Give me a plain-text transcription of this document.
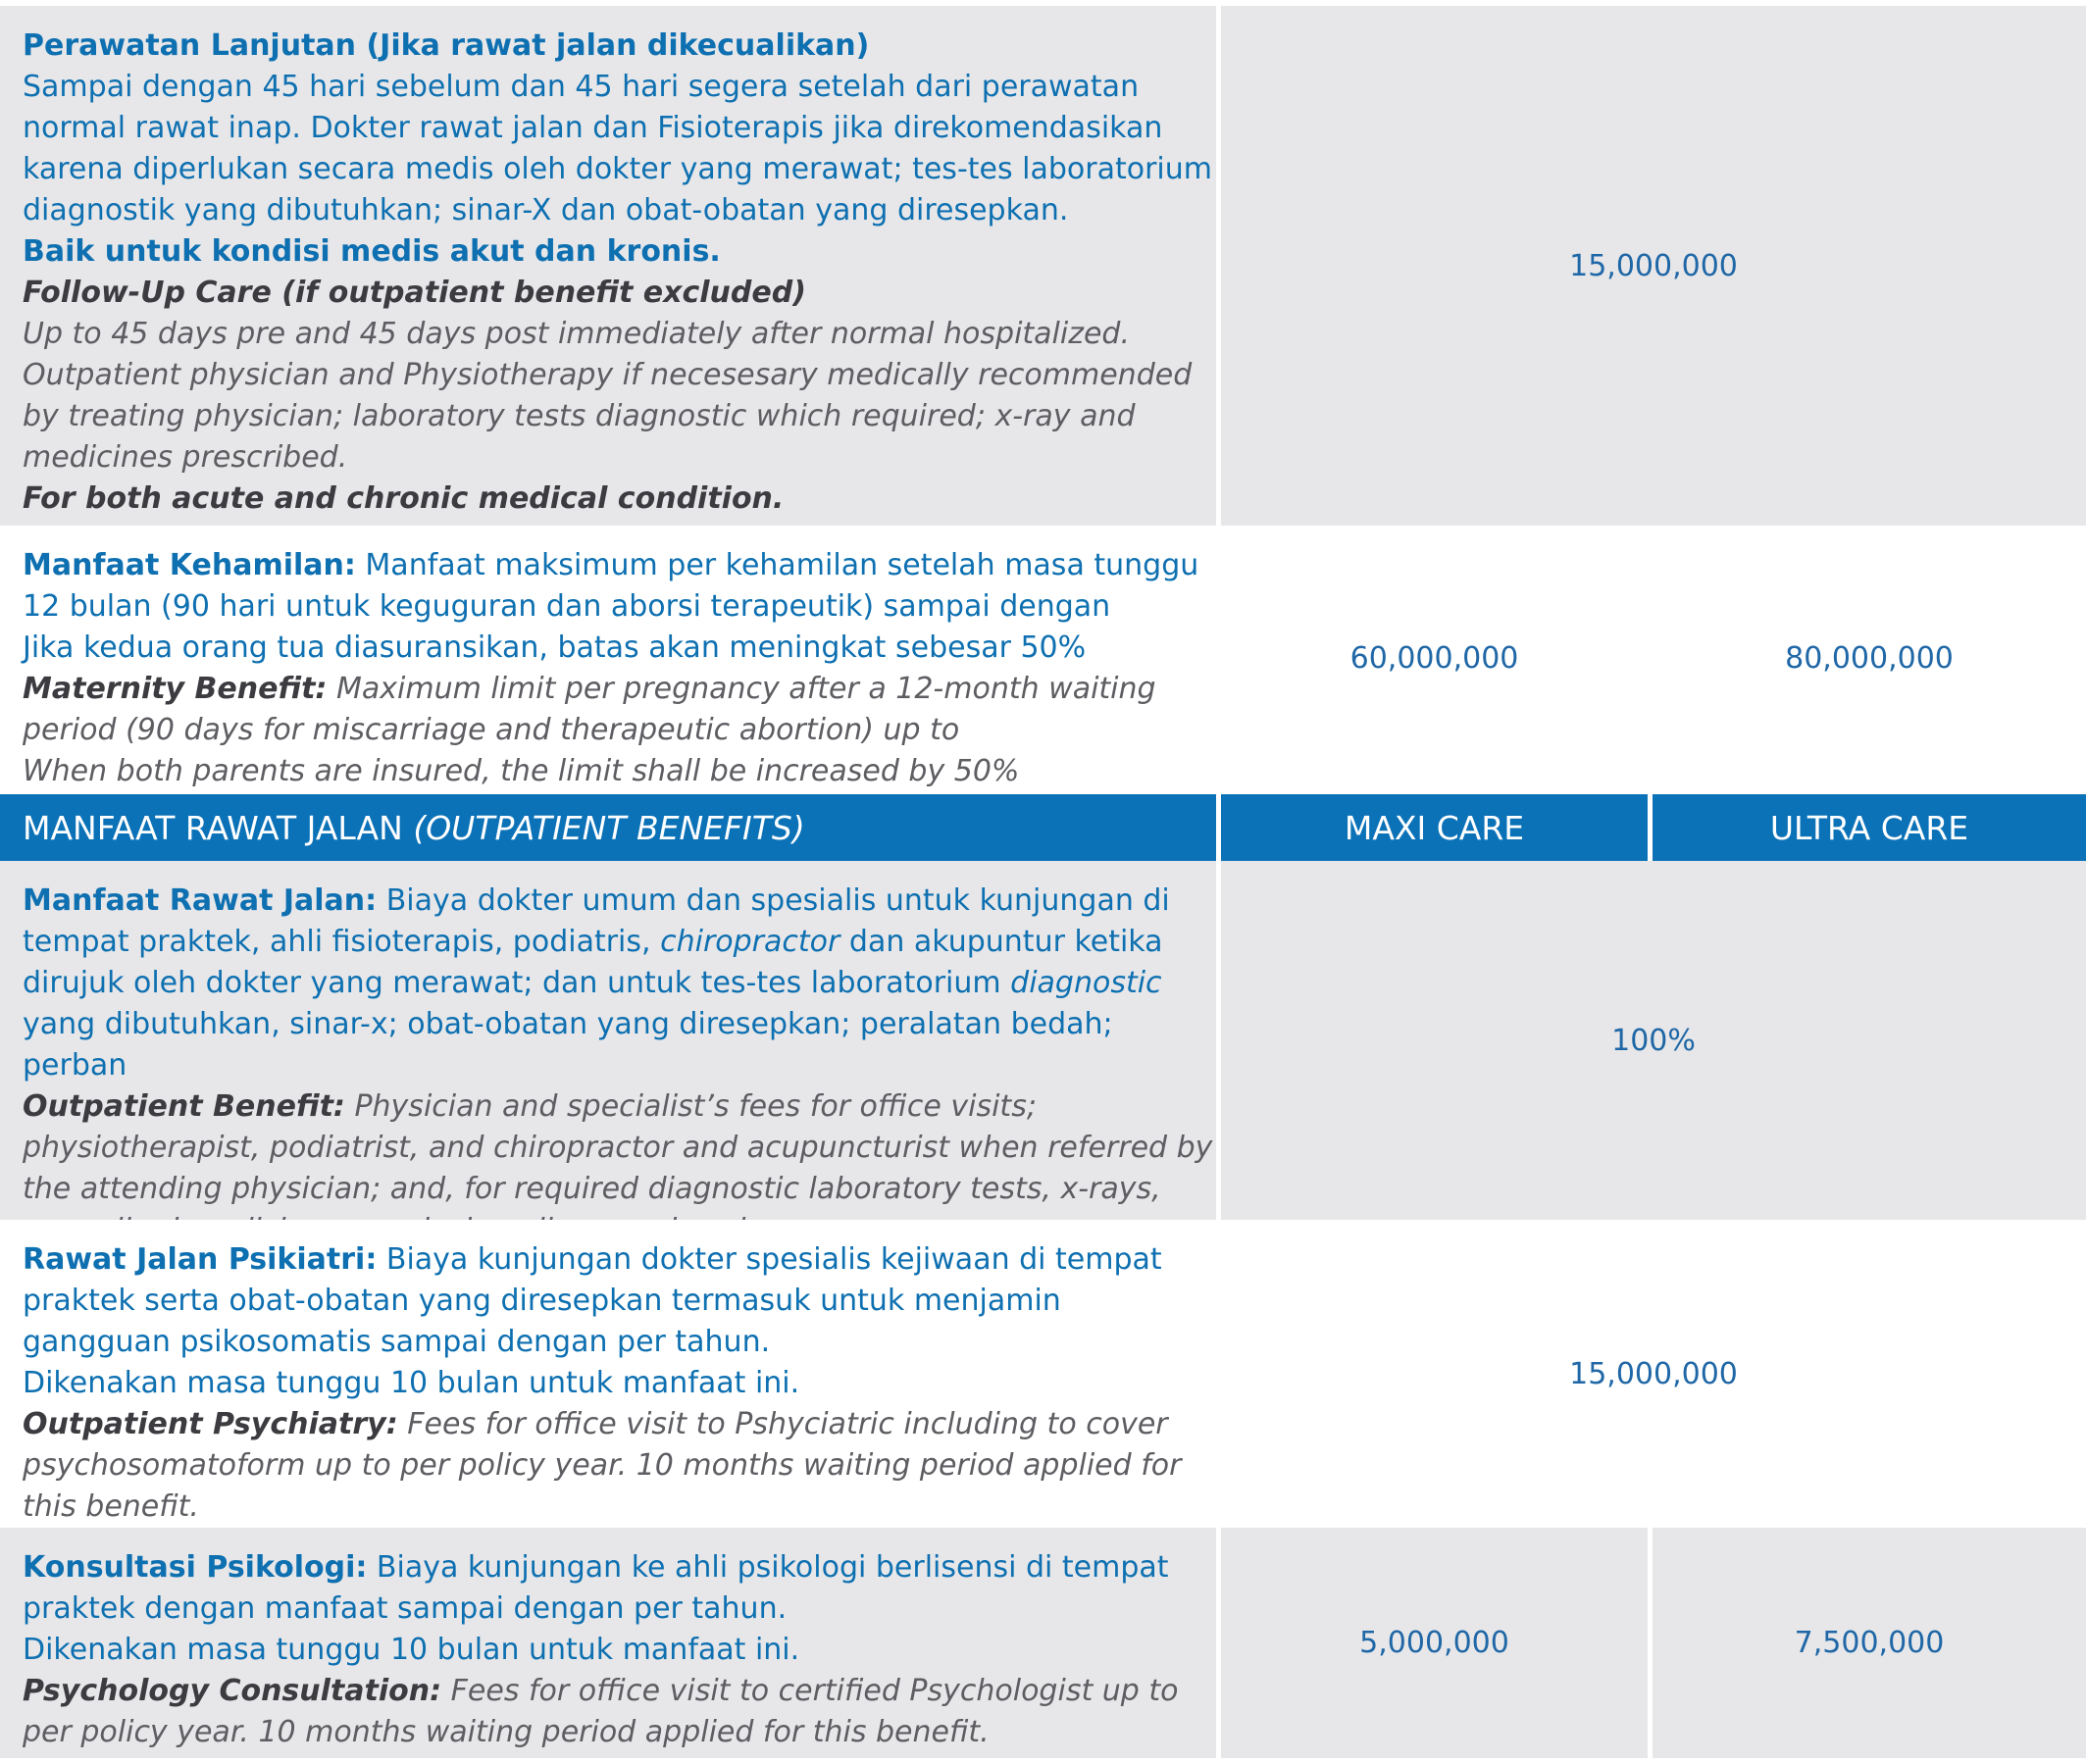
Perawatan Lanjutan (Jika rawat jalan dikecualikan)

Sampai dengan 45 hari sebelum dan 45 hari segera setelah dari perawatan normal rawat inap. Dokter rawat jalan dan Fisioterapis jika direkomendasikan karena diperlukan secara medis oleh dokter yang merawat; tes-tes laboratorium diagnostik yang dibutuhkan; sinar-X dan obat-obatan yang diresepkan.

Baik untuk kondisi medis akut dan kronis.

Follow-Up Care (if outpatient benefit excluded)

Up to 45 days pre and 45 days post immediately after normal hospitalized. Outpatient physician and Physiotherapy if necesesary medically recommended by treating physician; laboratory tests diagnostic which required; x-ray and medicines prescribed.

For both acute and chronic medical condition.

15,000,000

Manfaat Kehamilan: Manfaat maksimum per kehamilan setelah masa tunggu 12 bulan (90 hari untuk keguguran dan aborsi terapeutik) sampai dengan

Jika kedua orang tua diasuransikan, batas akan meningkat sebesar 50%

Maternity Benefit: Maximum limit per pregnancy after a 12-month waiting period (90 days for miscarriage and therapeutic abortion) up to

When both parents are insured, the limit shall be increased by 50%

60,000,000	80,000,000
MANFAAT RAWAT JALAN
(OUTPATIENT BENEFITS)	MAXI CARE	ULTRA CARE

Manfaat Rawat Jalan: Biaya dokter umum dan spesialis untuk kunjungan di tempat praktek, ahli fisioterapis, podiatris, chiropractor dan akupuntur ketika dirujuk oleh dokter yang merawat; dan untuk tes-tes laboratorium diagnostic yang dibutuhkan, sinar-x; obat-obatan yang diresepkan; peralatan bedah; perban

Outpatient Benefit: Physician and specialist’s fees for office visits; physiotherapist, podiatrist, and chiropractor and acupuncturist when referred by the attending physician; and, for required diagnostic laboratory tests, x-rays,

100%

Rawat Jalan Psikiatri: Biaya kunjungan dokter spesialis kejiwaan di tempat praktek serta obat-obatan yang diresepkan termasuk untuk menjamin gangguan psikosomatis sampai dengan per tahun.

Dikenakan masa tunggu 10 bulan untuk manfaat ini.

Outpatient Psychiatry: Fees for office visit to Pshyciatric including to cover psychosomatoform up to per policy year. 10 months waiting period applied for this benefit.

15,000,000

Konsultasi Psikologi: Biaya kunjungan ke ahli psikologi berlisensi di tempat praktek dengan manfaat sampai dengan per tahun.

Dikenakan masa tunggu 10 bulan untuk manfaat ini.

Psychology Consultation: Fees for office visit to certified Psychologist up to per policy year. 10 months waiting period applied for this benefit.

5,000,000	7,500,000
